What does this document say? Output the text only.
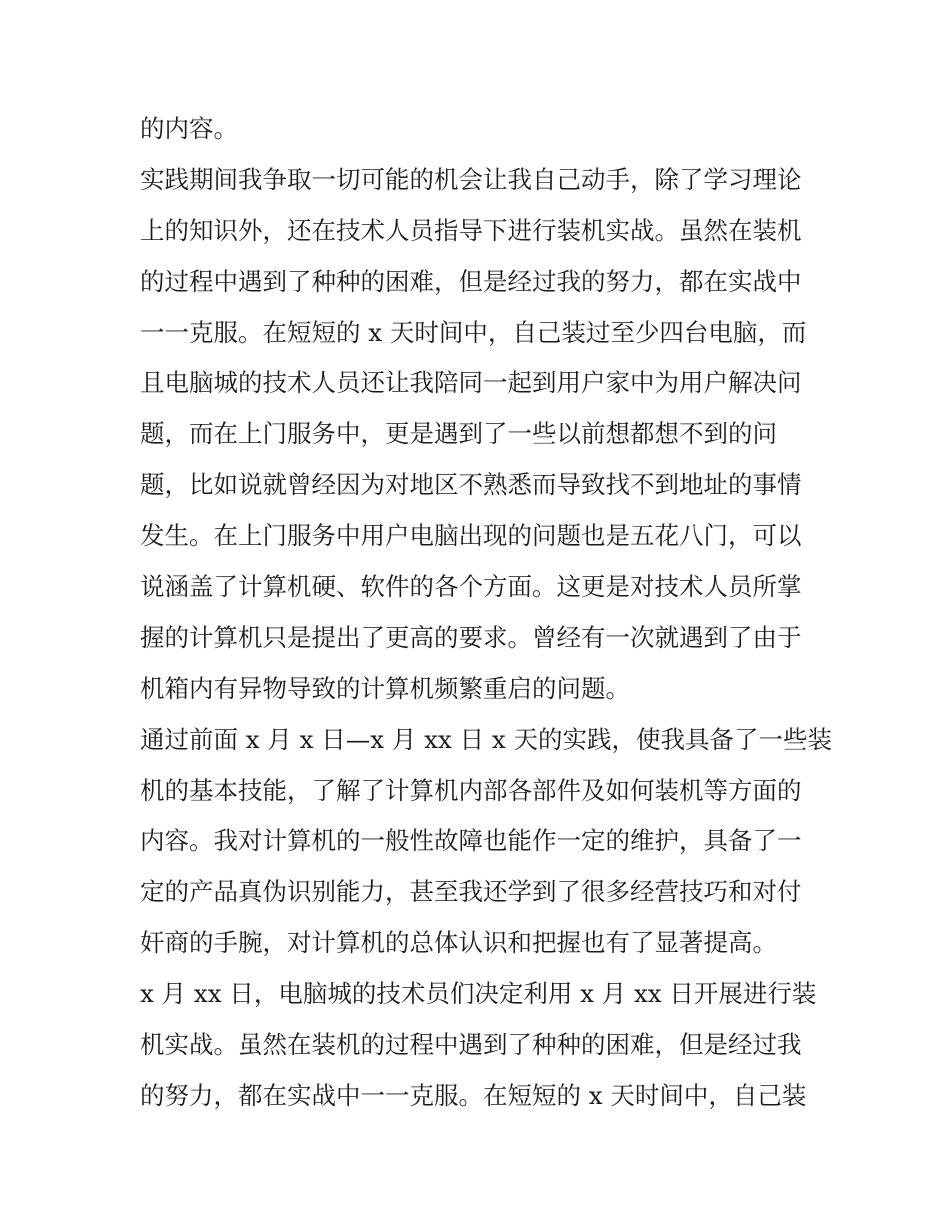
的内容。
实践期间我争取一切可能的机会让我自己动手，除了学习理论
上的知识外，还在技术人员指导下进行装机实战。虽然在装机
的过程中遇到了种种的困难，但是经过我的努力，都在实战中
一一克服。在短短的 x 天时间中，自己装过至少四台电脑，而
且电脑城的技术人员还让我陪同一起到用户家中为用户解决问
题，而在上门服务中，更是遇到了一些以前想都想不到的问
题，比如说就曾经因为对地区不熟悉而导致找不到地址的事情
发生。在上门服务中用户电脑出现的问题也是五花八门，可以
说涵盖了计算机硬、软件的各个方面。这更是对技术人员所掌
握的计算机只是提出了更高的要求。曾经有一次就遇到了由于
机箱内有异物导致的计算机频繁重启的问题。
通过前面 x 月 x 日—x 月 xx 日 x 天的实践，使我具备了一些装
机的基本技能，了解了计算机内部各部件及如何装机等方面的
内容。我对计算机的一般性故障也能作一定的维护，具备了一
定的产品真伪识别能力，甚至我还学到了很多经营技巧和对付
奸商的手腕，对计算机的总体认识和把握也有了显著提高。
x 月 xx 日，电脑城的技术员们决定利用 x 月 xx 日开展进行装
机实战。虽然在装机的过程中遇到了种种的困难，但是经过我
的努力，都在实战中一一克服。在短短的 x 天时间中，自己装
